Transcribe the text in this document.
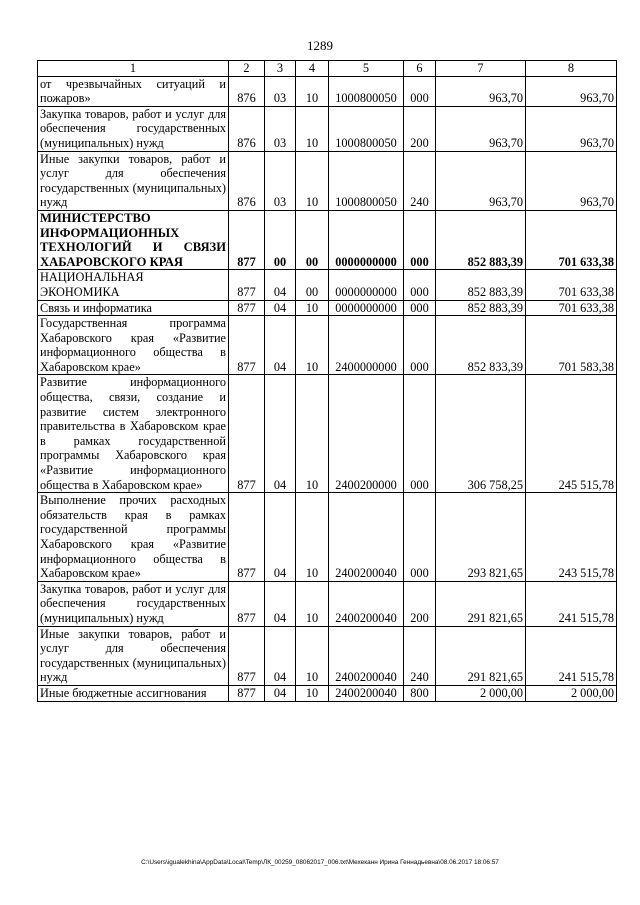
1289
1	2	3	4	5	6	7	8
от чрезвычайных ситуаций и пожаров»	876	03	10	1000800050	000	963,70	963,70
Закупка товаров, работ и услуг для обеспечения государственных (муниципальных) нужд	876	03	10	1000800050	200	963,70	963,70
Иные закупки товаров, работ и услуг для обеспечения государственных (муниципальных) нужд	876	03	10	1000800050	240	963,70	963,70
МИНИСТЕРСТВО ИНФОРМАЦИОННЫХ ТЕХНОЛОГИЙ И СВЯЗИ ХАБАРОВСКОГО КРАЯ	877	00	00	0000000000	000	852 883,39	701 633,38
НАЦИОНАЛЬНАЯ ЭКОНОМИКА	877	04	00	0000000000	000	852 883,39	701 633,38
Связь и информатика	877	04	10	0000000000	000	852 883,39	701 633,38
Государственная программа Хабаровского края «Развитие информационного общества в Хабаровском крае»	877	04	10	2400000000	000	852 833,39	701 583,38
Развитие информационного общества, связи, создание и развитие систем электронного правительства в Хабаровском крае в рамках государственной программы Хабаровского края «Развитие информационного общества в Хабаровском крае»	877	04	10	2400200000	000	306 758,25	245 515,78
Выполнение прочих расходных обязательств края в рамках государственной программы Хабаровского края «Развитие информационного общества в Хабаровском крае»	877	04	10	2400200040	000	293 821,65	243 515,78
Закупка товаров, работ и услуг для обеспечения государственных (муниципальных) нужд	877	04	10	2400200040	200	291 821,65	241 515,78
Иные закупки товаров, работ и услуг для обеспечения государственных (муниципальных) нужд	877	04	10	2400200040	240	291 821,65	241 515,78
Иные бюджетные ассигнования	877	04	10	2400200040	800	2 000,00	2 000,00
C:\Users\igualekhina\AppData\Local\Temp\ЛК_00259_08062017_006.txt\Мехеканн Ирина Геннадьевна\08.06.2017 18:06:57
